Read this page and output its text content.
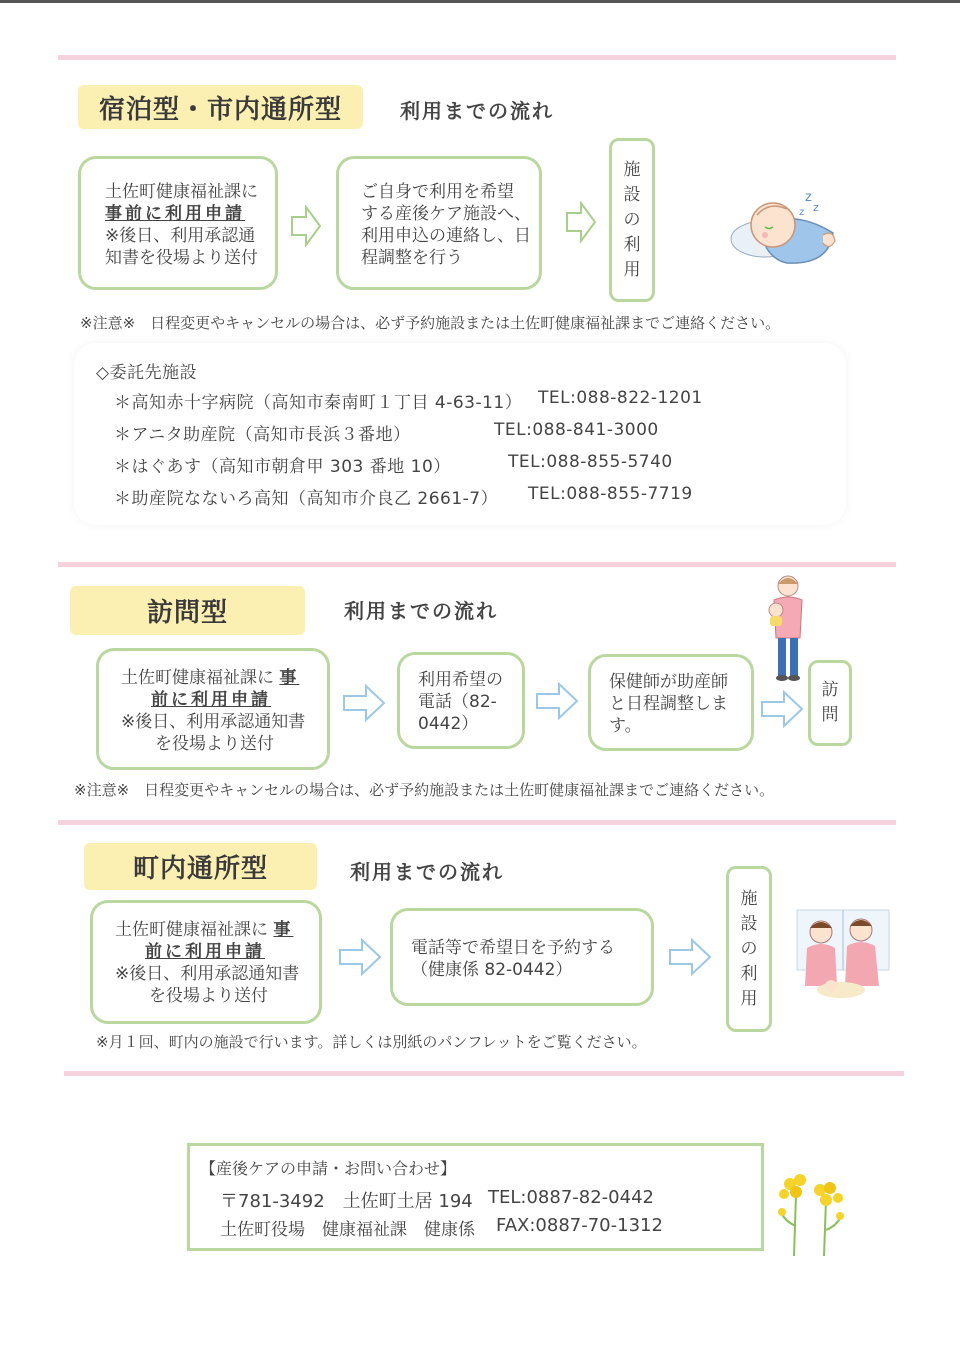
宿泊型・市内通所型	利用までの流れ
土佐町健康福祉課に
事前に利用申請
※後日、利用承認通
知書を役場より送付
ご自身で利用を希望
する産後ケア施設へ、
利用申込の連絡し、日
程調整を行う
施
設
の
利
用
z
z
z
※注意※　日程変更やキャンセルの場合は、必ず予約施設または土佐町健康福祉課までご連絡ください。
◇委託先施設
＊高知赤十字病院（高知市秦南町１丁目 4-63-11） TEL:088-822-1201
＊アニタ助産院（高知市長浜３番地）	TEL:088-841-3000
＊はぐあす（高知市朝倉甲 303 番地 10）	TEL:088-855-5740
＊助産院なないろ高知（高知市介良乙 2661-7） TEL:088-855-7719
訪問型	利用までの流れ
土佐町健康福祉課に 事
前に利用申請
※後日、利用承認通知書
を役場より送付
利用希望の
電話（82-
0442）
保健師が助産師
と日程調整しま
す。
訪
問
※注意※　日程変更やキャンセルの場合は、必ず予約施設または土佐町健康福祉課までご連絡ください。
町内通所型	利用までの流れ
土佐町健康福祉課に 事
前に利用申請
※後日、利用承認通知書
を役場より送付
電話等で希望日を予約する
（健康係 82-0442）
施
設
の
利
用
※月１回、町内の施設で行います。詳しくは別紙のパンフレットをご覧ください。
【産後ケアの申請・お問い合わせ】
〒781-3492　土佐町土居 194 TEL:0887-82-0442
土佐町役場　健康福祉課　健康係 FAX:0887-70-1312
